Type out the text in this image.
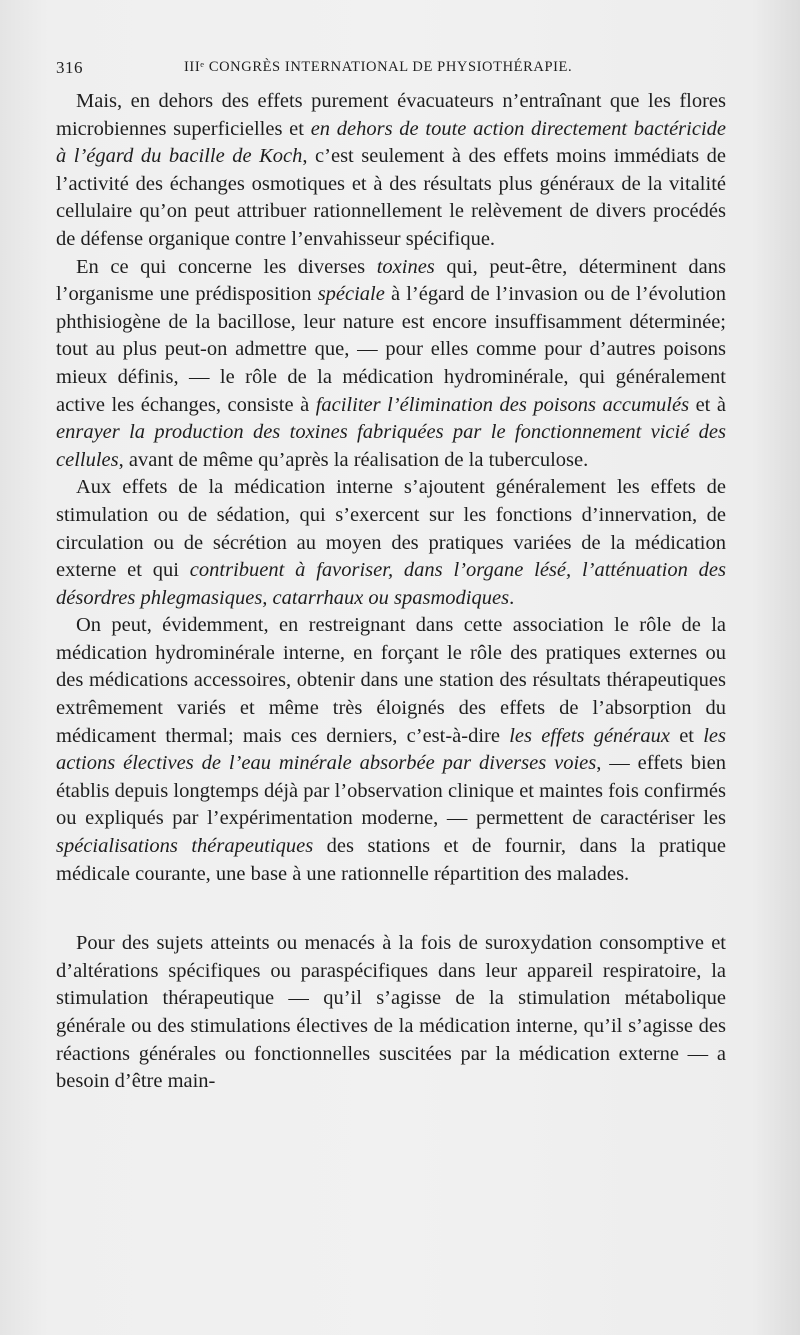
316	IIIᵉ CONGRÈS INTERNATIONAL DE PHYSIOTHÉRAPIE.

Mais, en dehors des effets purement évacuateurs n’entraînant que les flores microbiennes superficielles et en dehors de toute action directement bactéricide à l’égard du bacille de Koch, c’est seulement à des effets moins immédiats de l’activité des échanges osmotiques et à des résultats plus généraux de la vitalité cellulaire qu’on peut attribuer rationnellement le relèvement de divers procédés de défense organique contre l’envahisseur spécifique.

En ce qui concerne les diverses toxines qui, peut-être, déterminent dans l’organisme une prédisposition spéciale à l’égard de l’invasion ou de l’évolution phthisiogène de la bacillose, leur nature est encore insuffisamment déterminée; tout au plus peut-on admettre que, — pour elles comme pour d’autres poisons mieux définis, — le rôle de la médication hydrominérale, qui généralement active les échanges, consiste à faciliter l’élimination des poisons accumulés et à enrayer la production des toxines fabriquées par le fonctionnement vicié des cellules, avant de même qu’après la réalisation de la tuberculose.

Aux effets de la médication interne s’ajoutent généralement les effets de stimulation ou de sédation, qui s’exercent sur les fonctions d’innervation, de circulation ou de sécrétion au moyen des pratiques variées de la médication externe et qui contribuent à favoriser, dans l’organe lésé, l’atténuation des désordres phlegmasiques, catarrhaux ou spasmodiques.

On peut, évidemment, en restreignant dans cette association le rôle de la médication hydrominérale interne, en forçant le rôle des pratiques externes ou des médications accessoires, obtenir dans une station des résultats thérapeutiques extrêmement variés et même très éloignés des effets de l’absorption du médicament thermal; mais ces derniers, c’est-à-dire les effets généraux et les actions électives de l’eau minérale absorbée par diverses voies, — effets bien établis depuis longtemps déjà par l’observation clinique et maintes fois confirmés ou expliqués par l’expérimentation moderne, — permettent de caractériser les spécialisations thérapeutiques des stations et de fournir, dans la pratique médicale courante, une base à une rationnelle répartition des malades.

Pour des sujets atteints ou menacés à la fois de suroxydation consomptive et d’altérations spécifiques ou paraspécifiques dans leur appareil respiratoire, la stimulation thérapeutique — qu’il s’agisse de la stimulation métabolique générale ou des stimulations électives de la médication interne, qu’il s’agisse des réactions générales ou fonctionnelles suscitées par la médication externe — a besoin d’être main-
